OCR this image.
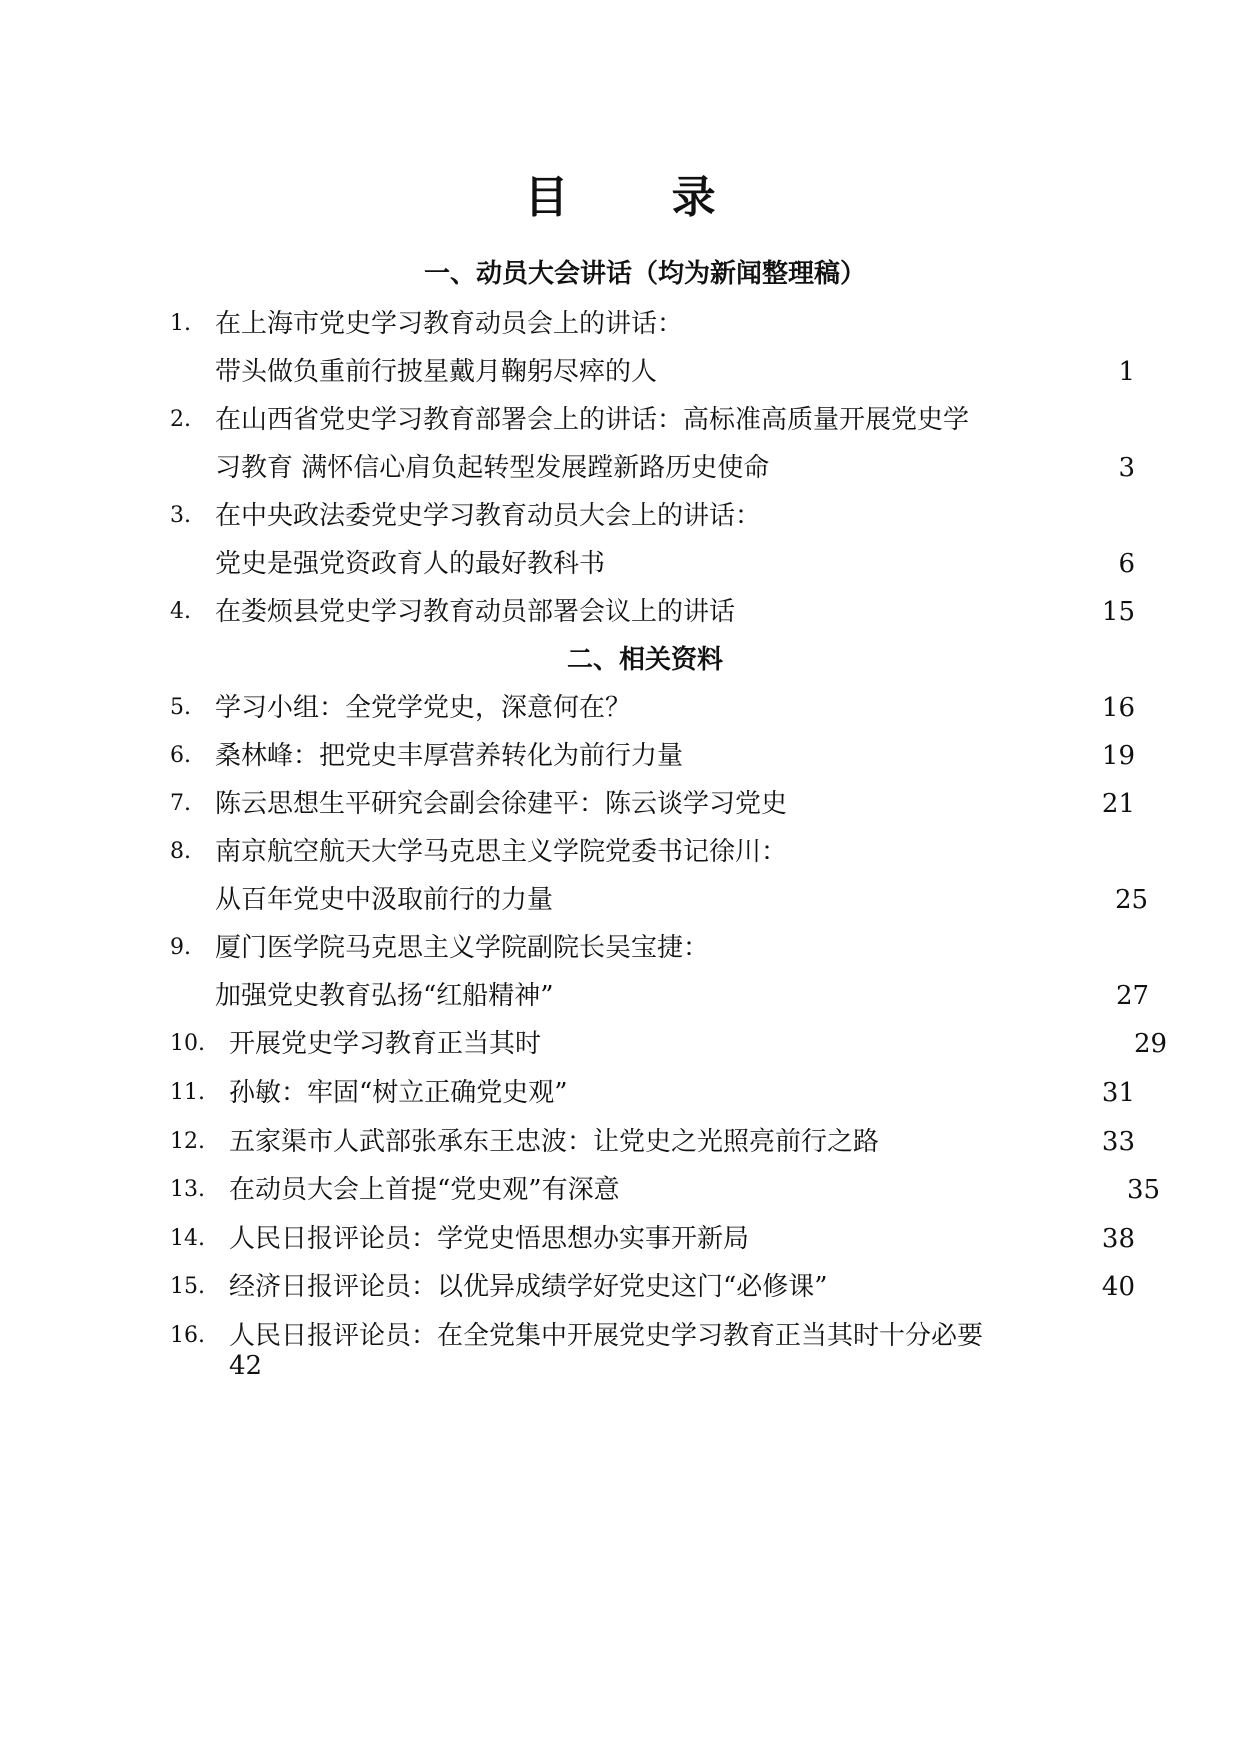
目 录
一、动员大会讲话（均为新闻整理稿）
1. 在上海市党史学习教育动员会上的讲话：
带头做负重前行披星戴月鞠躬尽瘁的人	1
2. 在山西省党史学习教育部署会上的讲话：高标准高质量开展党史学
习教育 满怀信心肩负起转型发展蹚新路历史使命	3
3. 在中央政法委党史学习教育动员大会上的讲话：
党史是强党资政育人的最好教科书	6
4. 在娄烦县党史学习教育动员部署会议上的讲话	15
二、相关资料
5. 学习小组：全党学党史，深意何在？	16
6. 桑林峰：把党史丰厚营养转化为前行力量	19
7. 陈云思想生平研究会副会徐建平：陈云谈学习党史	21
8. 南京航空航天大学马克思主义学院党委书记徐川：
从百年党史中汲取前行的力量	25
9. 厦门医学院马克思主义学院副院长吴宝捷：
加强党史教育弘扬“红船精神”	27
10. 开展党史学习教育正当其时	29
11. 孙敏：牢固“树立正确党史观”	31
12. 五家渠市人武部张承东王忠波：让党史之光照亮前行之路	33
13. 在动员大会上首提“党史观”有深意	35
14. 人民日报评论员：学党史悟思想办实事开新局	38
15. 经济日报评论员：以优异成绩学好党史这门“必修课”	40
16. 人民日报评论员：在全党集中开展党史学习教育正当其时十分必要
42
